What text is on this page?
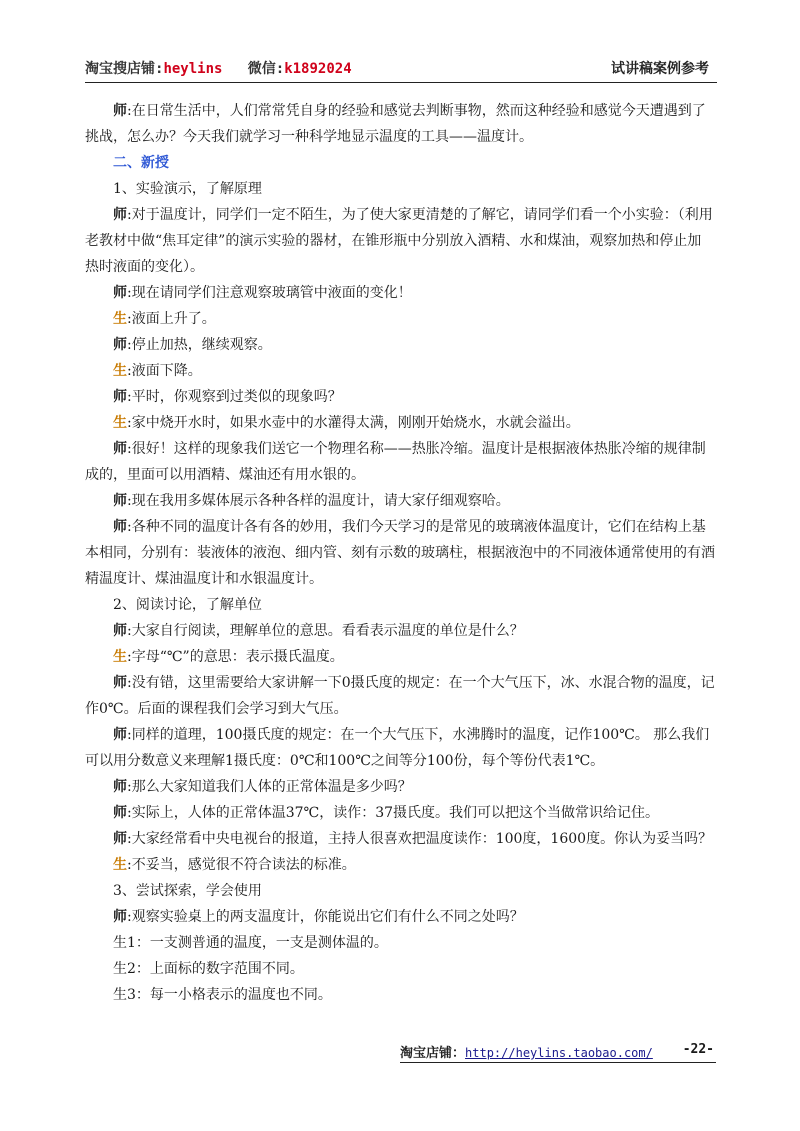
淘宝搜店铺:heylins 微信:k1892024	试讲稿案例参考

师:在日常生活中，人们常常凭自身的经验和感觉去判断事物，然而这种经验和感觉今天遭遇到了挑战，怎么办？今天我们就学习一种科学地显示温度的工具——温度计。

二、新授

1、实验演示，了解原理

师:对于温度计，同学们一定不陌生，为了使大家更清楚的了解它，请同学们看一个小实验：（利用老教材中做“焦耳定律”的演示实验的器材，在锥形瓶中分别放入酒精、水和煤油，观察加热和停止加热时液面的变化）。

师:现在请同学们注意观察玻璃管中液面的变化！

生:液面上升了。

师:停止加热，继续观察。

生:液面下降。

师:平时，你观察到过类似的现象吗？

生:家中烧开水时，如果水壶中的水灌得太满，刚刚开始烧水，水就会溢出。

师:很好！这样的现象我们送它一个物理名称——热胀冷缩。温度计是根据液体热胀冷缩的规律制成的，里面可以用酒精、煤油还有用水银的。

师:现在我用多媒体展示各种各样的温度计，请大家仔细观察哈。

师:各种不同的温度计各有各的妙用，我们今天学习的是常见的玻璃液体温度计，它们在结构上基本相同，分别有：装液体的液泡、细内管、刻有示数的玻璃柱，根据液泡中的不同液体通常使用的有酒精温度计、煤油温度计和水银温度计。

2、阅读讨论，了解单位

师:大家自行阅读，理解单位的意思。看看表示温度的单位是什么？

生:字母“℃”的意思：表示摄氏温度。

师:没有错，这里需要给大家讲解一下0摄氏度的规定：在一个大气压下，冰、水混合物的温度，记作0℃。后面的课程我们会学习到大气压。

师:同样的道理，100摄氏度的规定：在一个大气压下，水沸腾时的温度，记作100℃。 那么我们可以用分数意义来理解1摄氏度：0℃和100℃之间等分100份，每个等份代表1℃。

师:那么大家知道我们人体的正常体温是多少吗？

师:实际上，人体的正常体温37℃，读作：37摄氏度。我们可以把这个当做常识给记住。

师:大家经常看中央电视台的报道，主持人很喜欢把温度读作：100度，1600度。你认为妥当吗？

生:不妥当，感觉很不符合读法的标准。

3、尝试探索，学会使用

师:观察实验桌上的两支温度计，你能说出它们有什么不同之处吗？

生1：一支测普通的温度，一支是测体温的。

生2：上面标的数字范围不同。

生3：每一小格表示的温度也不同。

淘宝店铺：http://heylins.taobao.com/ -22-
